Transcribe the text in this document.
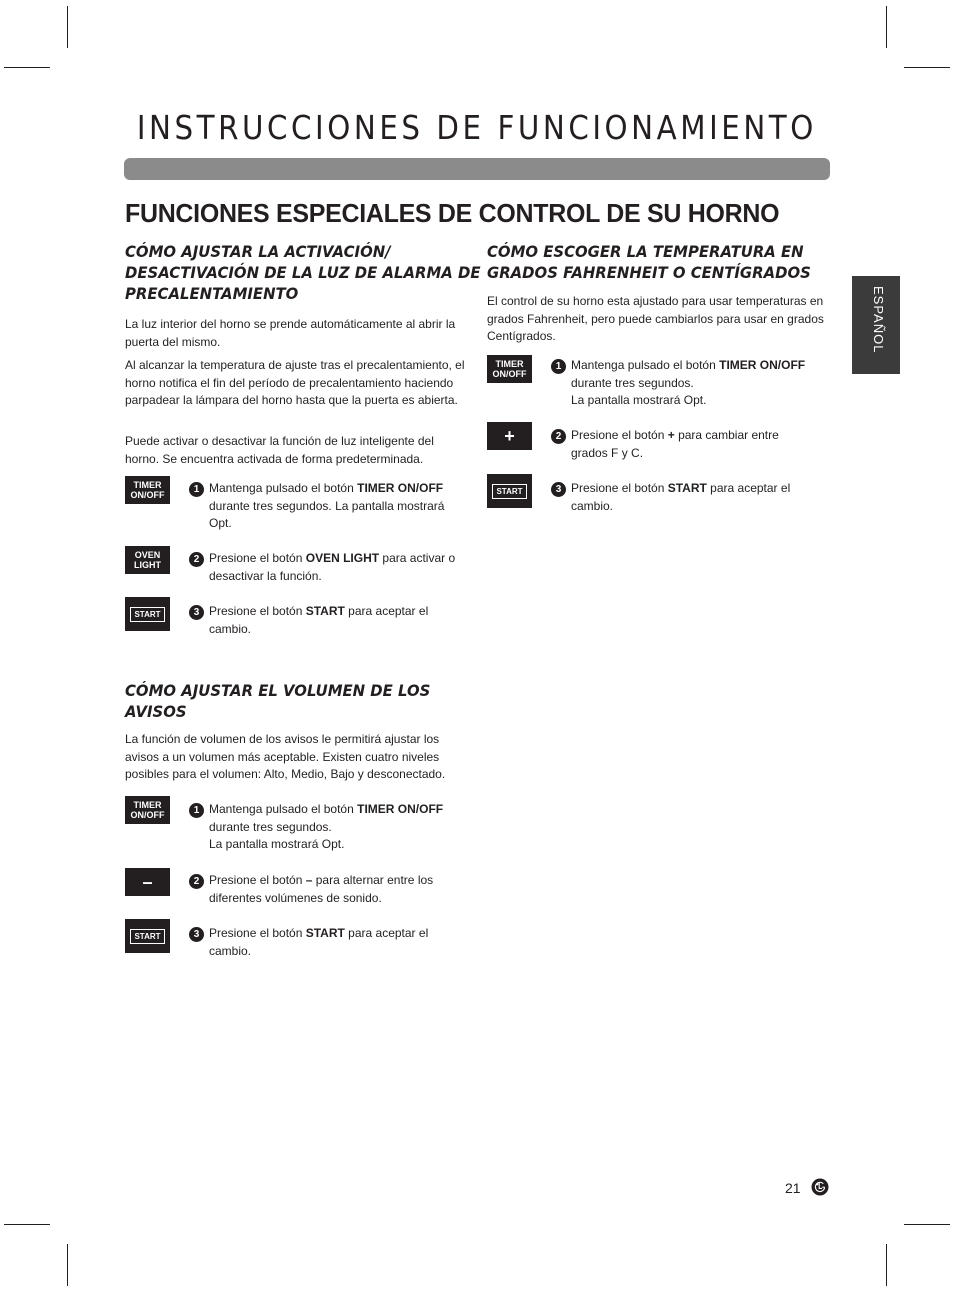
INSTRUCCIONES DE FUNCIONAMIENTO
ESPAÑOL
FUNCIONES ESPECIALES DE CONTROL DE SU HORNO
CÓMO AJUSTAR LA ACTIVACIÓN/
DESACTIVACIÓN DE LA LUZ DE ALARMA DE
PRECALENTAMIENTO

La luz interior del horno se prende automáticamente al abrir la puerta del mismo.

Al alcanzar la temperatura de ajuste tras el precalentamiento, el horno notifica el fin del período de precalentamiento haciendo parpadear la lámpara del horno hasta que la puerta es abierta.

Puede activar o desactivar la función de luz inteligente del horno. Se encuentra activada de forma predeterminada.

TIMER
ON/OFF	1 Mantenga pulsado el botón TIMER ON/OFF durante tres segundos. La pantalla mostrará Opt.

OVEN
LIGHT	2 Presione el botón OVEN LIGHT para activar o desactivar la función.

START	3 Presione el botón START para aceptar el cambio.

CÓMO AJUSTAR EL VOLUMEN DE LOS
AVISOS

La función de volumen de los avisos le permitirá ajustar los avisos a un volumen más aceptable. Existen cuatro niveles posibles para el volumen: Alto, Medio, Bajo y desconectado.

TIMER
ON/OFF	1 Mantenga pulsado el botón TIMER ON/OFF durante tres segundos.
La pantalla mostrará Opt.

–	2 Presione el botón – para alternar entre los diferentes volúmenes de sonido.

START	3 Presione el botón START para aceptar el cambio.

CÓMO ESCOGER LA TEMPERATURA EN
GRADOS FAHRENHEIT O CENTÍGRADOS

El control de su horno esta ajustado para usar temperaturas en grados Fahrenheit, pero puede cambiarlos para usar en grados Centígrados.

TIMER
ON/OFF
1 Mantenga pulsado el botón TIMER ON/OFF durante tres segundos.
La pantalla mostrará Opt.

+	2 Presione el botón + para cambiar entre grados F y C.

START	3 Presione el botón START para aceptar el cambio.

21
